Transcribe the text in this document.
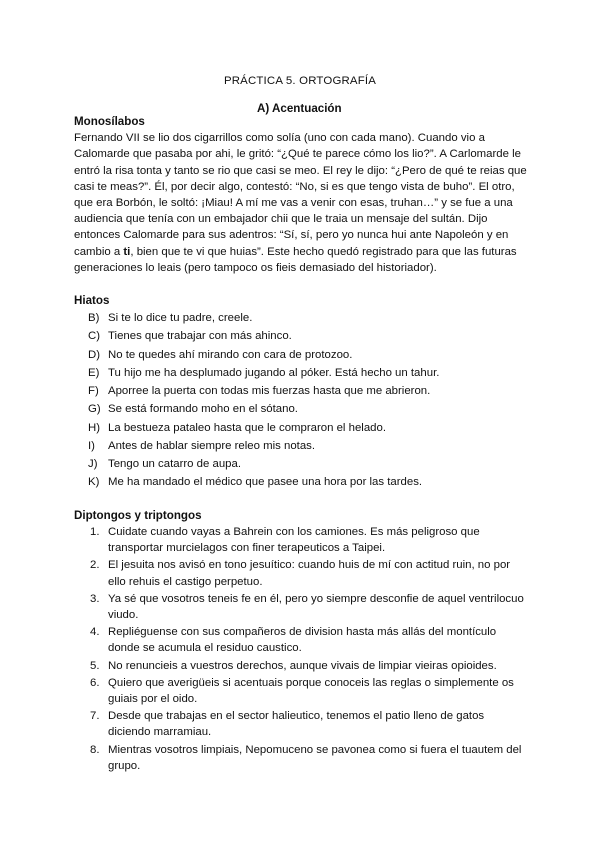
PRÁCTICA 5. ORTOGRAFÍA
A) Acentuación

Monosílabos

Fernando VII se lio dos cigarrillos como solía (uno con cada mano). Cuando vio a Calomarde que pasaba por ahi, le gritó: “¿Qué te parece cómo los lio?”. A Carlomarde le entró la risa tonta y tanto se rio que casi se meo. El rey le dijo: “¿Pero de qué te reias que casi te meas?”. Él, por decir algo, contestó: “No, si es que tengo vista de buho”. El otro, que era Borbón, le soltó: ¡Miau! A mí me vas a venir con esas, truhan…” y se fue a una audiencia que tenía con un embajador chii que le traia un mensaje del sultán. Dijo entonces Calomarde para sus adentros: “Sí, sí, pero yo nunca hui ante Napoleón y en cambio a ti, bien que te vi que huias”. Este hecho quedó registrado para que las futuras generaciones lo leais (pero tampoco os fieis demasiado del historiador).

Hiatos

B) Si te lo dice tu padre, creele.
C) Tienes que trabajar con más ahinco.
D) No te quedes ahí mirando con cara de protozoo.
E) Tu hijo me ha desplumado jugando al póker. Está hecho un tahur.
F) Aporree la puerta con todas mis fuerzas hasta que me abrieron.
G) Se está formando moho en el sótano.
H) La bestueza pataleo hasta que le compraron el helado.
I) Antes de hablar siempre releo mis notas.
J) Tengo un catarro de aupa.
K) Me ha mandado el médico que pasee una hora por las tardes.

Diptongos y triptongos

1. Cuidate cuando vayas a Bahrein con los camiones. Es más peligroso que transportar murcielagos con finer terapeuticos a Taipei.
2. El jesuita nos avisó en tono jesuítico: cuando huis de mí con actitud ruin, no por ello rehuis el castigo perpetuo.
3. Ya sé que vosotros teneis fe en él, pero yo siempre desconfie de aquel ventrilocuo viudo.
4. Repliéguense con sus compañeros de division hasta más allás del montículo donde se acumula el residuo caustico.
5. No renuncieis a vuestros derechos, aunque vivais de limpiar vieiras opioides.
6. Quiero que averigüeis si acentuais porque conoceis las reglas o simplemente os guiais por el oido.
7. Desde que trabajas en el sector halieutico, tenemos el patio lleno de gatos diciendo marramiau.
8. Mientras vosotros limpiais, Nepomuceno se pavonea como si fuera el tuautem del grupo.
